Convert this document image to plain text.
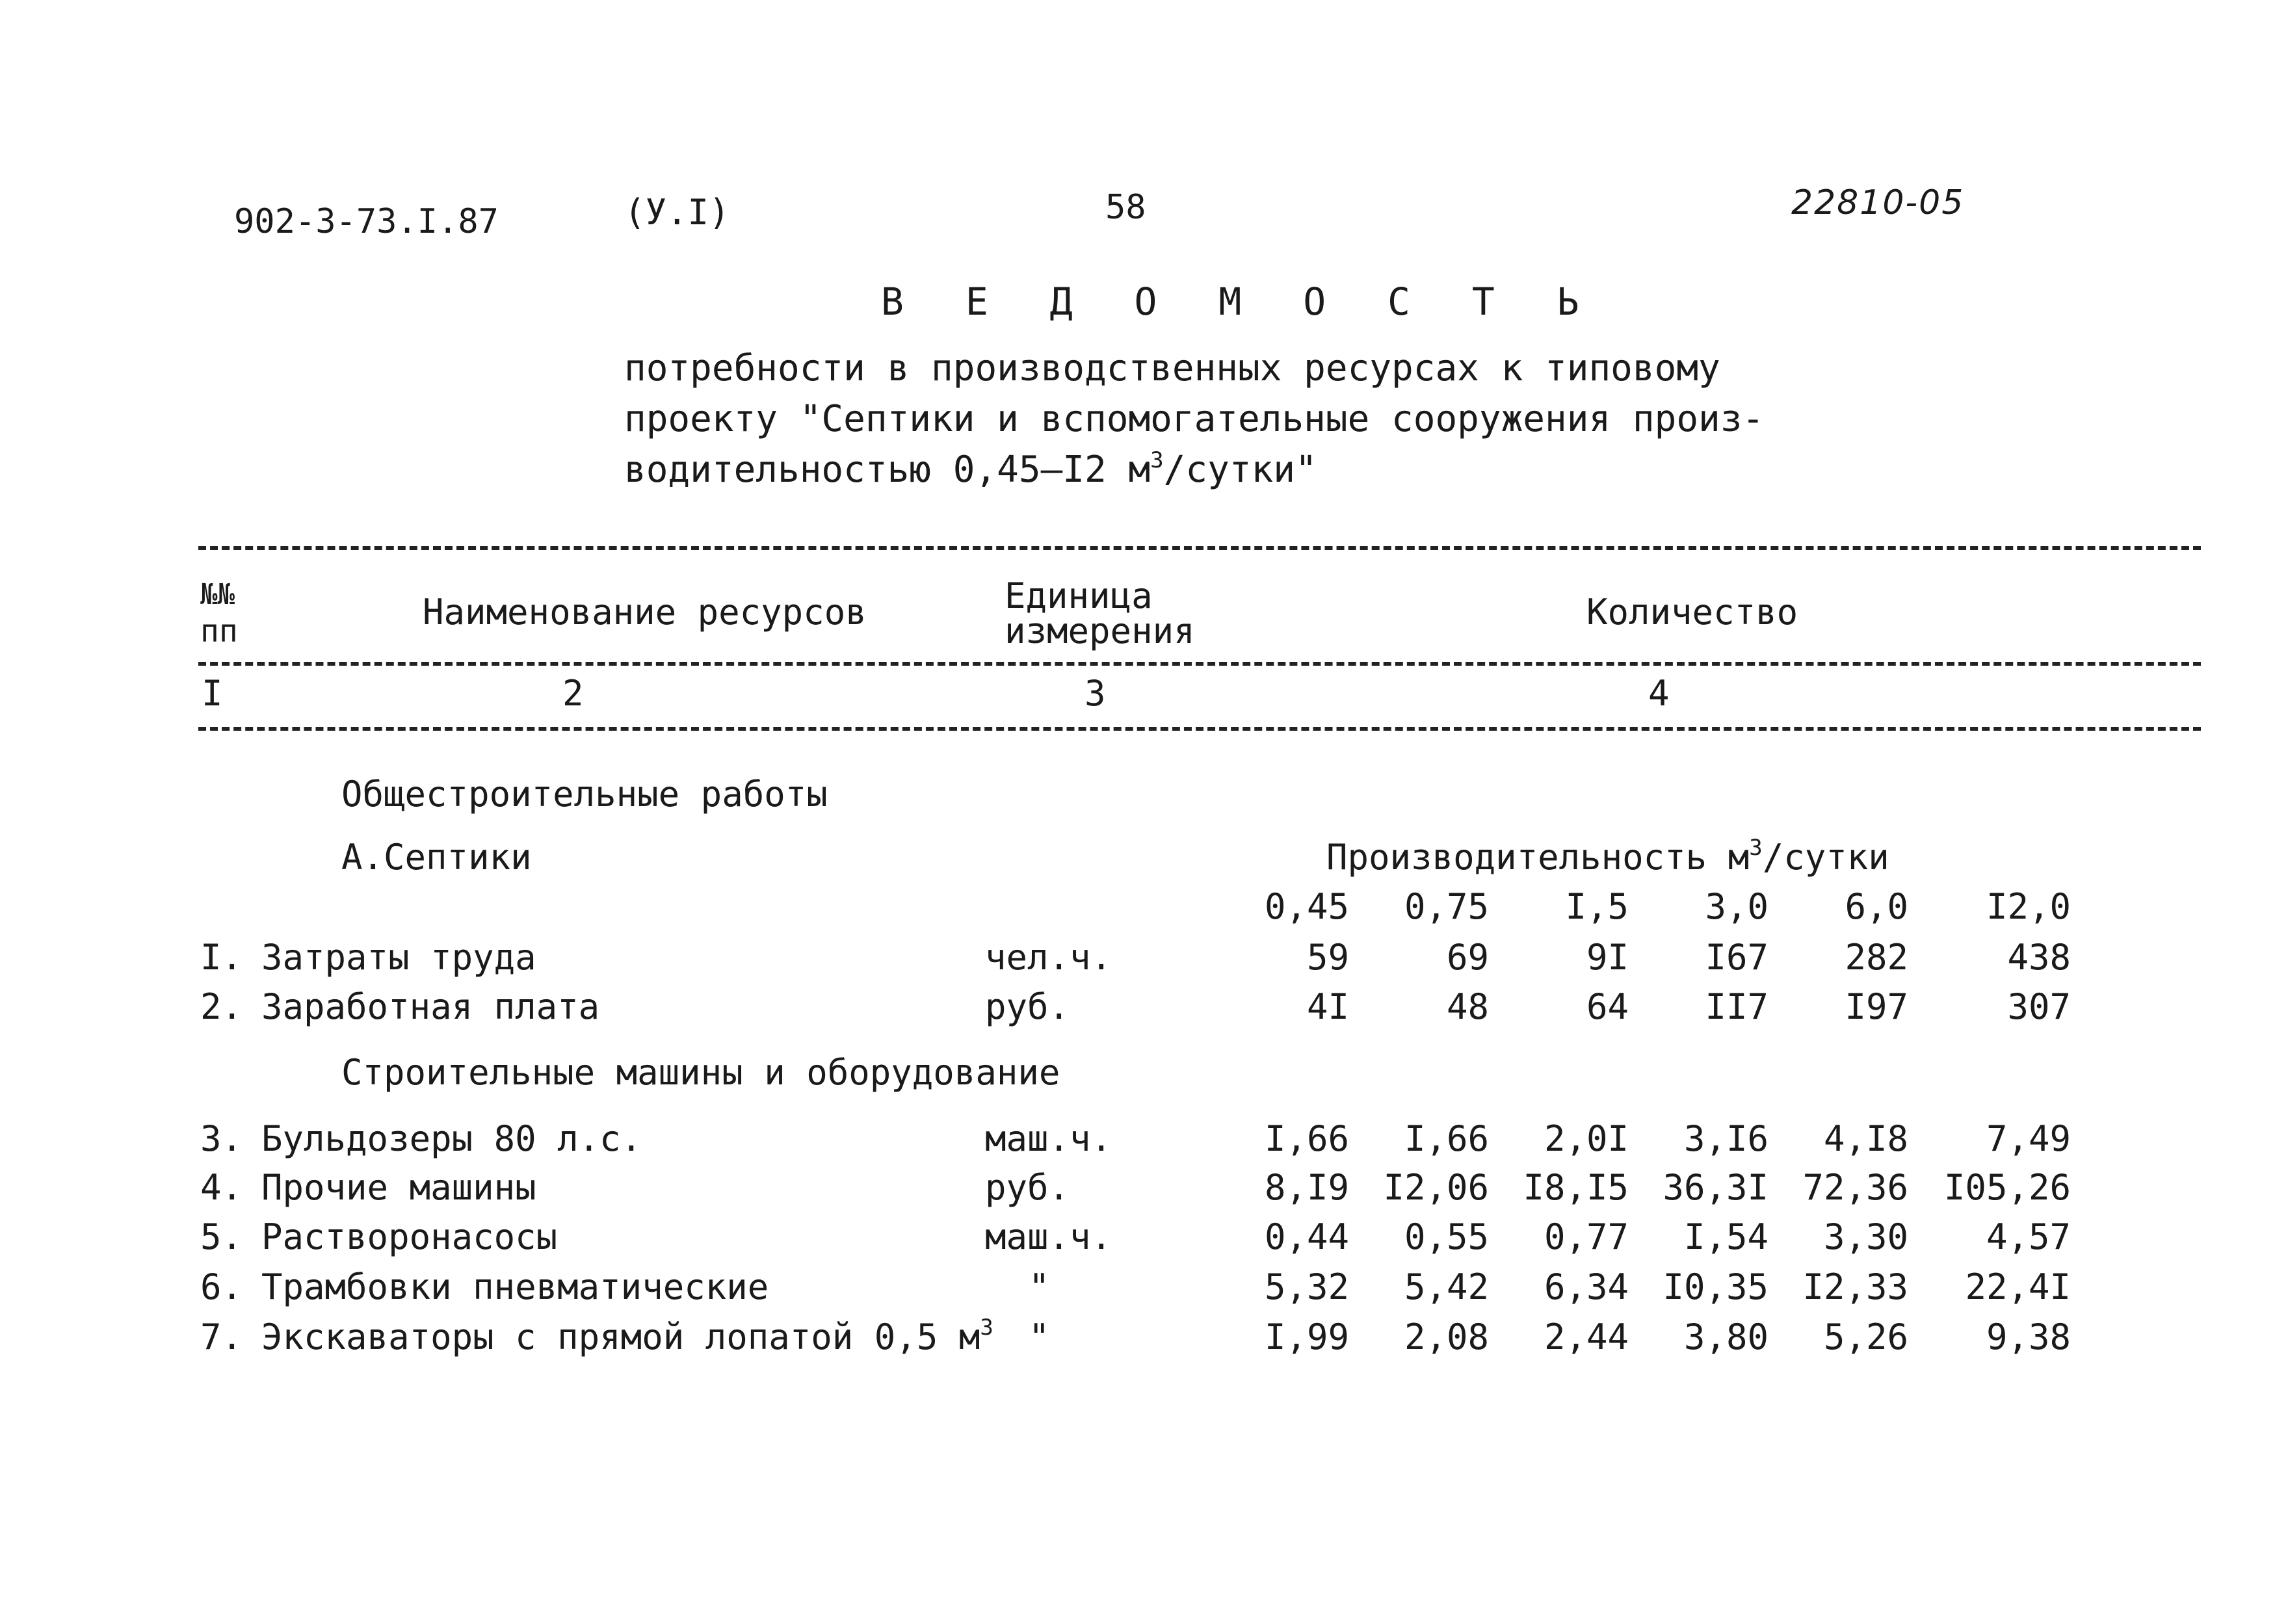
902-3-73.I.87	(У.I)	58	22810-05
В Е Д О М О С Т Ь
потребности в производственных ресурсах к типовому
проекту "Септики и вспомогательные сооружения произ-
водительностью 0,45–I2 $м^3$/сутки"
№№
пп	Наименование ресурсов	Единица
измерения	Количество
I	2	3	4
Общестроительные работы
А.Септики	Производительность $м^3$/сутки
0,45	0,75	I,5	3,0	6,0	I2,0
I. Затраты труда	чел.ч.	59	69	9I	I67	282	438
2. Заработная плата	руб.	4I	48	64	II7	I97	307
Строительные машины и оборудование
3. Бульдозеры 80 л.с.	маш.ч.	I,66	I,66	2,0I	3,I6	4,I8	7,49
4. Прочие машины	руб.	8,I9 I2,06 I8,I5 36,3I 72,36 I05,26
5. Растворонасосы	маш.ч.	0,44	0,55	0,77	I,54	3,30	4,57
6. Трамбовки пневматические	"	5,32	5,42	6,34 I0,35 I2,33	22,4I
7. Экскаваторы с прямой лопатой 0,5 $м^3$ "	I,99	2,08	2,44	3,80	5,26	9,38
